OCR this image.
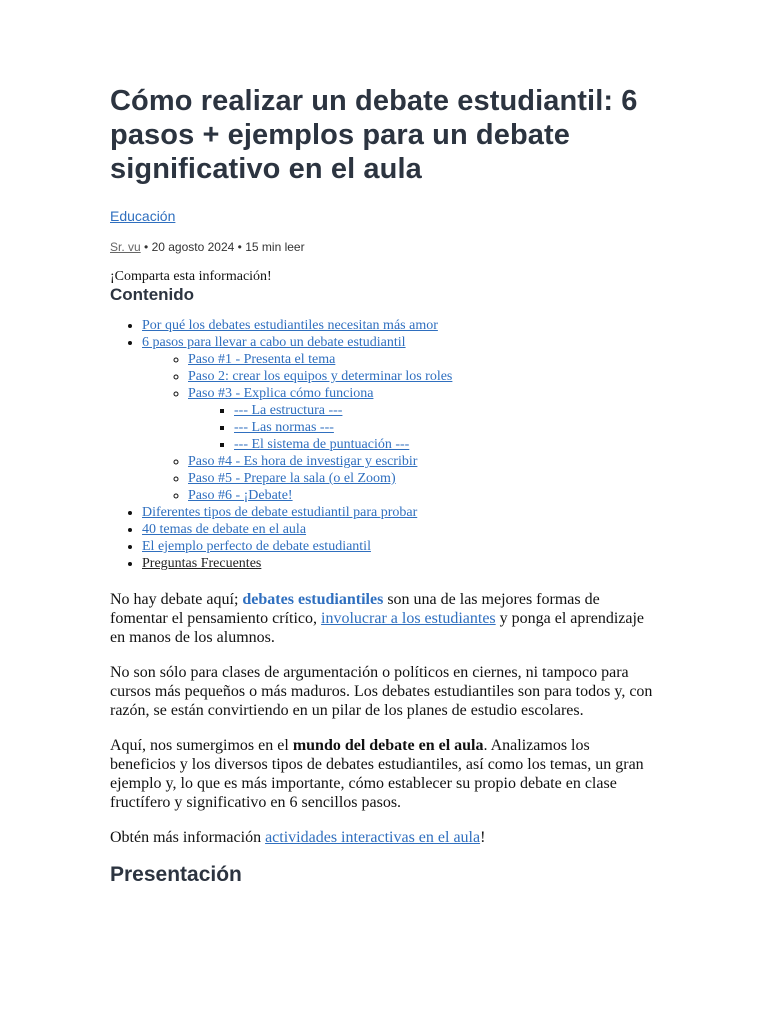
Cómo realizar un debate estudiantil: 6 pasos + ejemplos para un debate significativo en el aula
Educación
Sr. vu • 20 agosto 2024 • 15 min leer

¡Comparta esta información!

Contenido
• Por qué los debates estudiantiles necesitan más amor
• 6 pasos para llevar a cabo un debate estudiantil
◦ Paso #1 - Presenta el tema
◦ Paso 2: crear los equipos y determinar los roles
◦ Paso #3 - Explica cómo funciona
▪ --- La estructura ---
▪ --- Las normas ---
▪ --- El sistema de puntuación ---
◦ Paso #4 - Es hora de investigar y escribir
◦ Paso #5 - Prepare la sala (o el Zoom)
◦ Paso #6 - ¡Debate!
• Diferentes tipos de debate estudiantil para probar
• 40 temas de debate en el aula
• El ejemplo perfecto de debate estudiantil
• Preguntas Frecuentes

No hay debate aquí; debates estudiantiles son una de las mejores formas de fomentar el pensamiento crítico, involucrar a los estudiantes y ponga el aprendizaje en manos de los alumnos.

No son sólo para clases de argumentación o políticos en ciernes, ni tampoco para cursos más pequeños o más maduros. Los debates estudiantiles son para todos y, con razón, se están convirtiendo en un pilar de los planes de estudio escolares.

Aquí, nos sumergimos en el mundo del debate en el aula. Analizamos los beneficios y los diversos tipos de debates estudiantiles, así como los temas, un gran ejemplo y, lo que es más importante, cómo establecer su propio debate en clase fructífero y significativo en 6 sencillos pasos.

Obtén más información actividades interactivas en el aula!

Presentación
